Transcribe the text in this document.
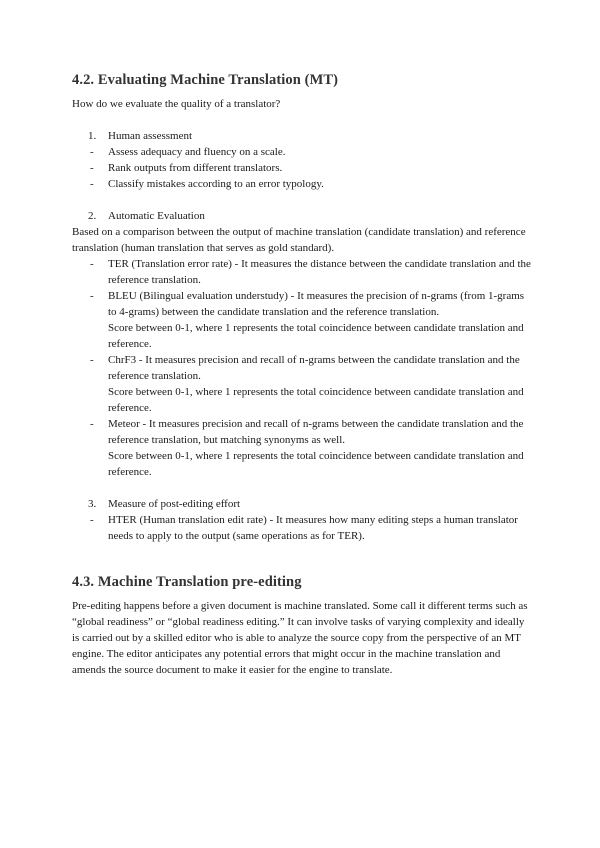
4.2. Evaluating Machine Translation (MT)

How do we evaluate the quality of a translator?

1. Human assessment
- Assess adequacy and fluency on a scale.
- Rank outputs from different translators.
- Classify mistakes according to an error typology.
2. Automatic Evaluation

Based on a comparison between the output of machine translation (candidate translation) and reference translation (human translation that serves as gold standard).

- TER (Translation error rate) - It measures the distance between the candidate translation and the reference translation.
- BLEU (Bilingual evaluation understudy) - It measures the precision of n-grams (from 1-grams to 4-grams) between the candidate translation and the reference translation.
Score between 0-1, where 1 represents the total coincidence between candidate translation and reference.
- ChrF3 - It measures precision and recall of n-grams between the candidate translation and the reference translation.
Score between 0-1, where 1 represents the total coincidence between candidate translation and reference.
- Meteor - It measures precision and recall of n-grams between the candidate translation and the reference translation, but matching synonyms as well.
Score between 0-1, where 1 represents the total coincidence between candidate translation and reference.
3. Measure of post-editing effort
- HTER (Human translation edit rate) - It measures how many editing steps a human translator needs to apply to the output (same operations as for TER).
4.3. Machine Translation pre-editing

Pre-editing happens before a given document is machine translated. Some call it different terms such as “global readiness” or “global readiness editing.” It can involve tasks of varying complexity and ideally is carried out by a skilled editor who is able to analyze the source copy from the perspective of an MT engine. The editor anticipates any potential errors that might occur in the machine translation and amends the source document to make it easier for the engine to translate.
